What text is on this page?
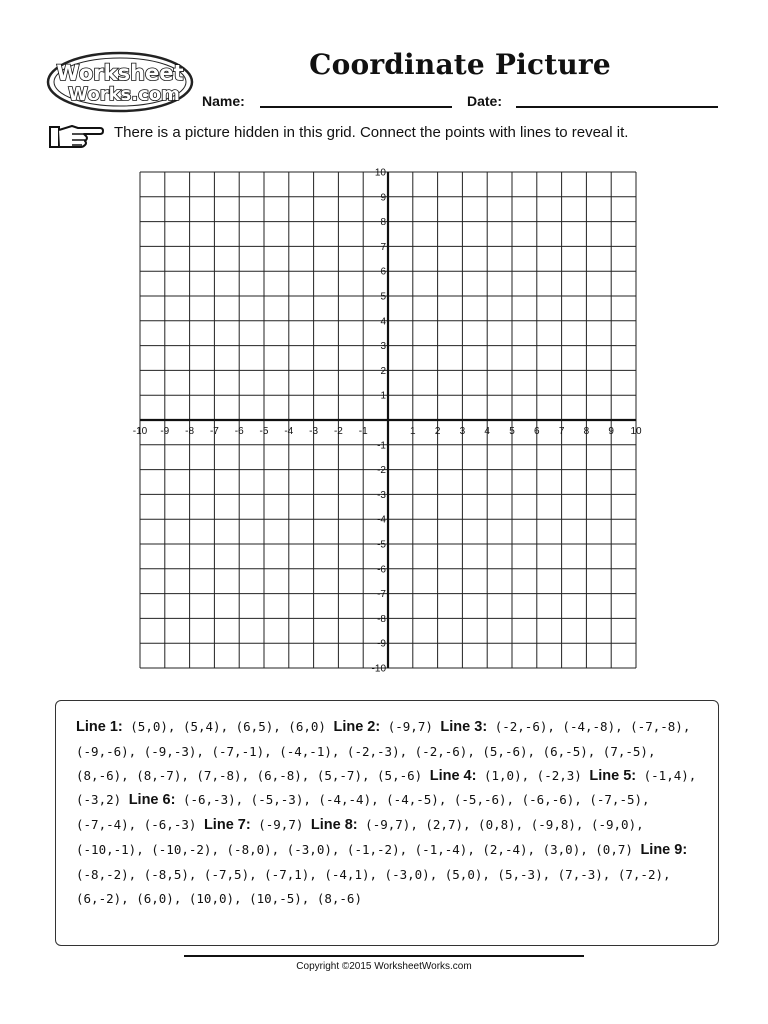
Worksheet
Works.com
Coordinate Picture
Name:	Date:
There is a picture hidden in this grid. Connect the points with lines to reveal it.
-10 -9 -8 -7 -6 -5 -4 -3 -2 -1	1 2 3 4 5 6 7 8 9 10
10
9
8
7
6
5
4
3
2
1
-1
-2
-3
-4
-5
-6
-7
-8
-9
-10
Line 1: (5,0), (5,4), (6,5), (6,0) Line 2: (-9,7) Line 3: (-2,-6), (-4,-8), (-7,-8), (-9,-6), (-9,-3), (-7,-1), (-4,-1), (-2,-3), (-2,-6), (5,-6), (6,-5), (7,-5), (8,-6), (8,-7), (7,-8), (6,-8), (5,-7), (5,-6) Line 4: (1,0), (-2,3) Line 5: (-1,4), (-3,2) Line 6: (-6,-3), (-5,-3), (-4,-4), (-4,-5), (-5,-6), (-6,-6), (-7,-5), (-7,-4), (-6,-3) Line 7: (-9,7) Line 8: (-9,7), (2,7), (0,8), (-9,8), (-9,0), (-10,-1), (-10,-2), (-8,0), (-3,0), (-1,-2), (-1,-4), (2,-4), (3,0), (0,7) Line 9: (-8,-2), (-8,5), (-7,5), (-7,1), (-4,1), (-3,0), (5,0), (5,-3), (7,-3), (7,-2), (6,-2), (6,0), (10,0), (10,-5), (8,-6)
Copyright ©2015 WorksheetWorks.com
